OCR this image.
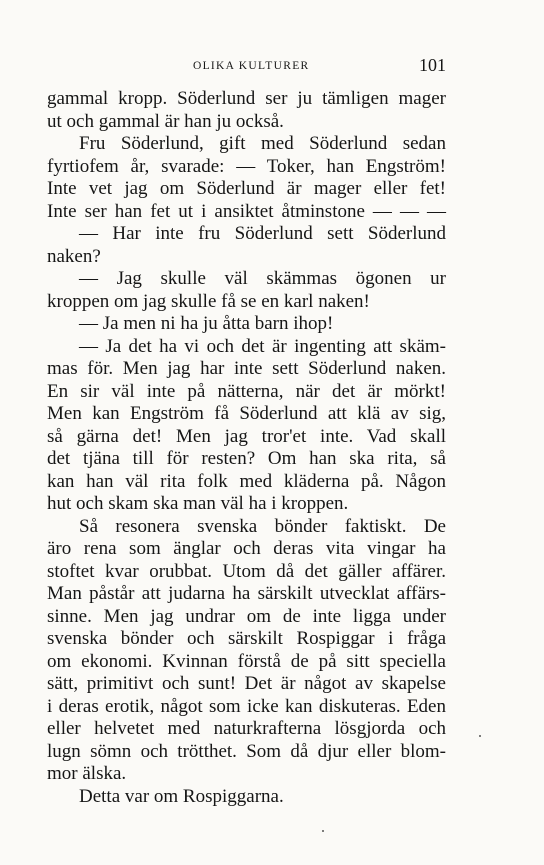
OLIKA KULTURER	101
gammal kropp. Söderlund ser ju tämligen mager
ut och gammal är han ju också.
Fru Söderlund, gift med Söderlund sedan
fyrtiofem år, svarade: — Toker, han Engström!
Inte vet jag om Söderlund är mager eller fet!
Inte ser han fet ut i ansiktet åtminstone — — —
— Har inte fru Söderlund sett Söderlund
naken?
— Jag skulle väl skämmas ögonen ur
kroppen om jag skulle få se en karl naken!
— Ja men ni ha ju åtta barn ihop!
— Ja det ha vi och det är ingenting att skäm-
mas för. Men jag har inte sett Söderlund naken.
En sir väl inte på nätterna, när det är mörkt!
Men kan Engström få Söderlund att klä av sig,
så gärna det! Men jag tror'et inte. Vad skall
det tjäna till för resten? Om han ska rita, så
kan han väl rita folk med kläderna på. Någon
hut och skam ska man väl ha i kroppen.
Så resonera svenska bönder faktiskt. De
äro rena som änglar och deras vita vingar ha
stoftet kvar orubbat. Utom då det gäller affärer.
Man påstår att judarna ha särskilt utvecklat affärs-
sinne. Men jag undrar om de inte ligga under
svenska bönder och särskilt Rospiggar i fråga
om ekonomi. Kvinnan förstå de på sitt speciella
sätt, primitivt och sunt! Det är något av skapelse
i deras erotik, något som icke kan diskuteras. Eden
eller helvetet med naturkrafterna lösgjorda och
lugn sömn och trötthet. Som då djur eller blom-
mor älska.
Detta var om Rospiggarna.
